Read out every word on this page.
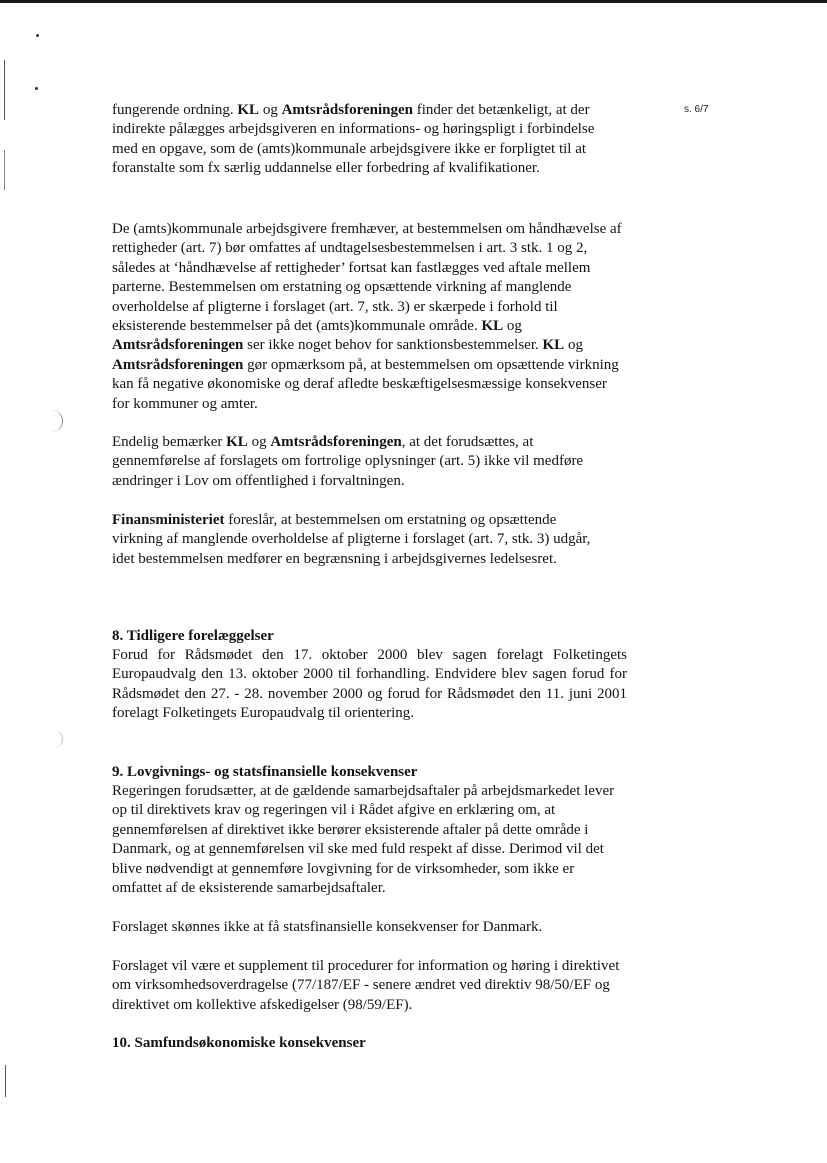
s. 6/7

fungerende ordning. KL og Amtsrådsforeningen finder det betænkeligt, at der indirekte pålægges arbejdsgiveren en informations- og høringspligt i forbindelse med en opgave, som de (amts)kommunale arbejdsgivere ikke er forpligtet til at foranstalte som fx særlig uddannelse eller forbedring af kvalifikationer.

De (amts)kommunale arbejdsgivere fremhæver, at bestemmelsen om håndhævelse af rettigheder (art. 7) bør omfattes af undtagelsesbestemmelsen i art. 3 stk. 1 og 2, således at ‘håndhævelse af rettigheder’ fortsat kan fastlægges ved aftale mellem parterne. Bestemmelsen om erstatning og opsættende virkning af manglende overholdelse af pligterne i forslaget (art. 7, stk. 3) er skærpede i forhold til eksisterende bestemmelser på det (amts)kommunale område. KL og Amtsrådsforeningen ser ikke noget behov for sanktionsbestemmelser. KL og Amtsrådsforeningen gør opmærksom på, at bestemmelsen om opsættende virkning kan få negative økonomiske og deraf afledte beskæftigelsesmæssige konsekvenser for kommuner og amter.

Endelig bemærker KL og Amtsrådsforeningen, at det forudsættes, at gennemførelse af forslagets om fortrolige oplysninger (art. 5) ikke vil medføre ændringer i Lov om offentlighed i forvaltningen.

Finansministeriet foreslår, at bestemmelsen om erstatning og opsættende virkning af manglende overholdelse af pligterne i forslaget (art. 7, stk. 3) udgår, idet bestemmelsen medfører en begrænsning i arbejdsgivernes ledelsesret.

8. Tidligere forelæggelser

Forud for Rådsmødet den 17. oktober 2000 blev sagen forelagt Folketingets Europaudvalg den 13. oktober 2000 til forhandling. Endvidere blev sagen forud for Rådsmødet den 27. - 28. november 2000 og forud for Rådsmødet den 11. juni 2001 forelagt Folketingets Europaudvalg til orientering.

9. Lovgivnings- og statsfinansielle konsekvenser

Regeringen forudsætter, at de gældende samarbejdsaftaler på arbejdsmarkedet lever op til direktivets krav og regeringen vil i Rådet afgive en erklæring om, at gennemførelsen af direktivet ikke berører eksisterende aftaler på dette område i Danmark, og at gennemførelsen vil ske med fuld respekt af disse. Derimod vil det blive nødvendigt at gennemføre lovgivning for de virksomheder, som ikke er omfattet af de eksisterende samarbejdsaftaler.

Forslaget skønnes ikke at få statsfinansielle konsekvenser for Danmark.

Forslaget vil være et supplement til procedurer for information og høring i direktivet om virksomhedsoverdragelse (77/187/EF - senere ændret ved direktiv 98/50/EF og direktivet om kollektive afskedigelser (98/59/EF).

10. Samfundsøkonomiske konsekvenser
